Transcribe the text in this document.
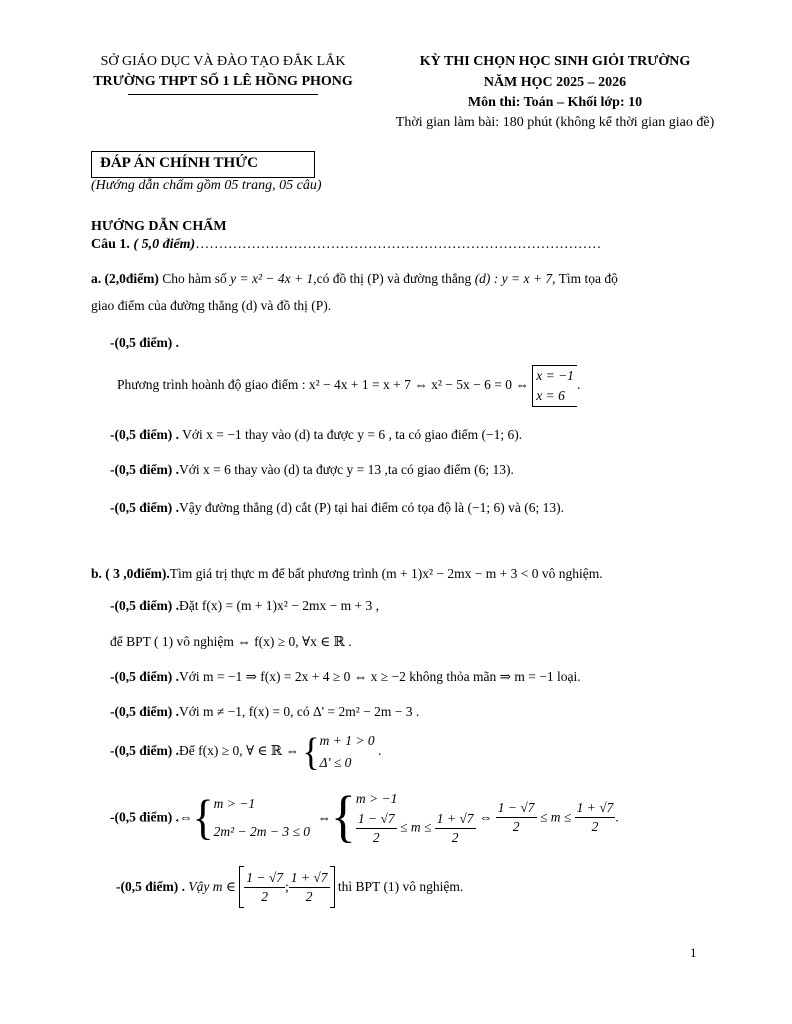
SỞ GIÁO DỤC VÀ ĐÀO TẠO ĐẮK LẮK
TRƯỜNG THPT SỐ 1 LÊ HỒNG PHONG
KỲ THI CHỌN HỌC SINH GIỎI TRƯỜNG
NĂM HỌC 2025 – 2026
Môn thi: Toán – Khối lớp: 10
Thời gian làm bài: 180 phút (không kể thời gian giao đề)
ĐÁP ÁN CHÍNH THỨC
(Hướng dẫn chấm gồm 05 trang, 05 câu)
HƯỚNG DẪN CHẤM
Câu 1. ( 5,0 điểm)……………………………………………………………………………
a. (2,0điểm) Cho hàm số y = x² − 4x + 1,có đồ thị (P) và đường thẳng (d) : y = x + 7, Tìm tọa độ
giao điểm của đường thẳng (d) và đồ thị (P).
-(0,5 điểm) .
Phương trình hoành độ giao điểm : x² − 4x + 1 = x + 7 ⇔ x² − 5x − 6 = 0 ⇔
x = −1
x = 6
.
-(0,5 điểm) . Với x = −1 thay vào (d) ta được y = 6 , ta có giao điểm (−1; 6).
-(0,5 điểm) .Với x = 6 thay vào (d) ta được y = 13 ,ta có giao điểm (6; 13).
-(0,5 điểm) .Vậy đường thẳng (d) cắt (P) tại hai điểm có tọa độ là (−1; 6) và (6; 13).
b. ( 3 ,0điểm).Tìm giá trị thực m để bất phương trình (m + 1)x² − 2mx − m + 3 < 0 vô nghiệm.
-(0,5 điểm) .Đặt f(x) = (m + 1)x² − 2mx − m + 3 ,
để BPT ( 1) vô nghiệm ⇔ f(x) ≥ 0, ∀x ∈ ℝ .
-(0,5 điểm) .Với m = −1 ⇒ f(x) = 2x + 4 ≥ 0 ⇔ x ≥ −2 không thỏa mãn ⇒ m = −1 loại.
-(0,5 điểm) .Với m ≠ −1, f(x) = 0, có Δ' = 2m² − 2m − 3 .
-(0,5 điểm) .Để f(x) ≥ 0, ∀ ∈ ℝ ⇔ { m + 1 > 0
Δ' ≤ 0
.
-(0,5 điểm) .⇔{ m > −1
2m² − 2m − 3 ≤ 0
⇔{ m > −1
$\frac{1 - √7}{2} \le m \le \frac{1 + √7}{2}$ ⇔ $\frac{1 - √7}{2} \le m \le \frac{1 + √7}{2}$ .
-(0,5 điểm) . Vậy m ∈ $\frac{1 - √7}{2}$ ; $\frac{1 + √7}{2}$ thì BPT (1) vô nghiệm.
1
